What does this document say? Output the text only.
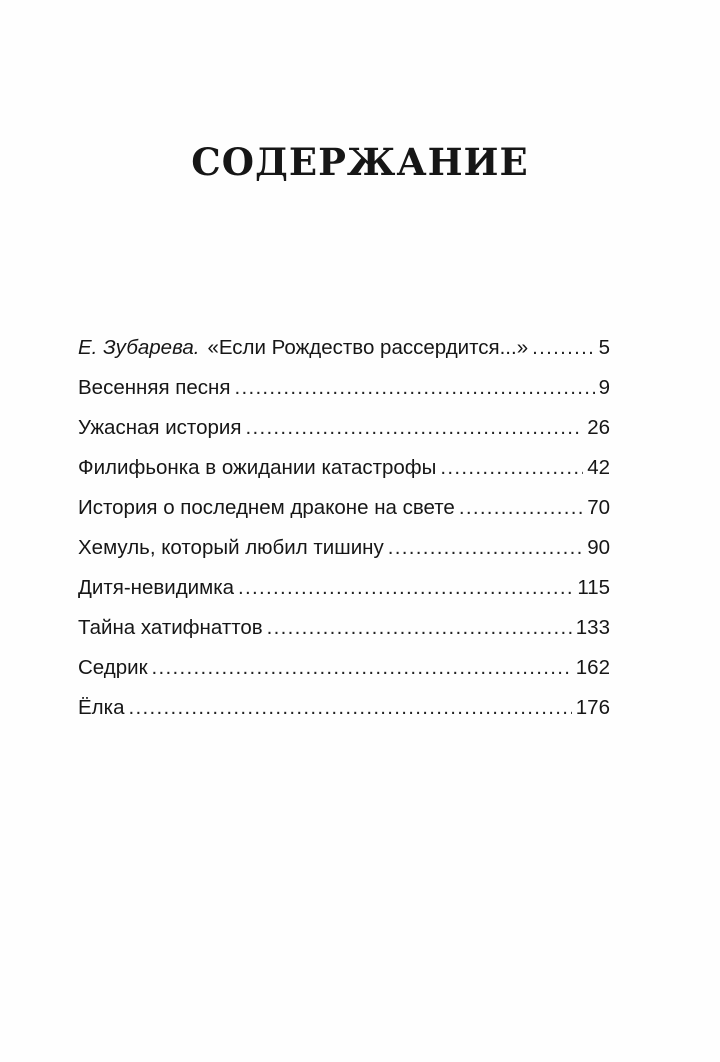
СОДЕРЖАНИЕ
Е. Зубарева. «Если Рождество рассердится...» .....	5
Весенняя песня .....	9
Ужасная история .....	26
Филифьонка в ожидании катастрофы .....	42
История о последнем драконе на свете .....	70
Хемуль, который любил тишину .....	90
Дитя-невидимка .....	115
Тайна хатифнаттов .....	133
Седрик .....	162
Ёлка .....	176
